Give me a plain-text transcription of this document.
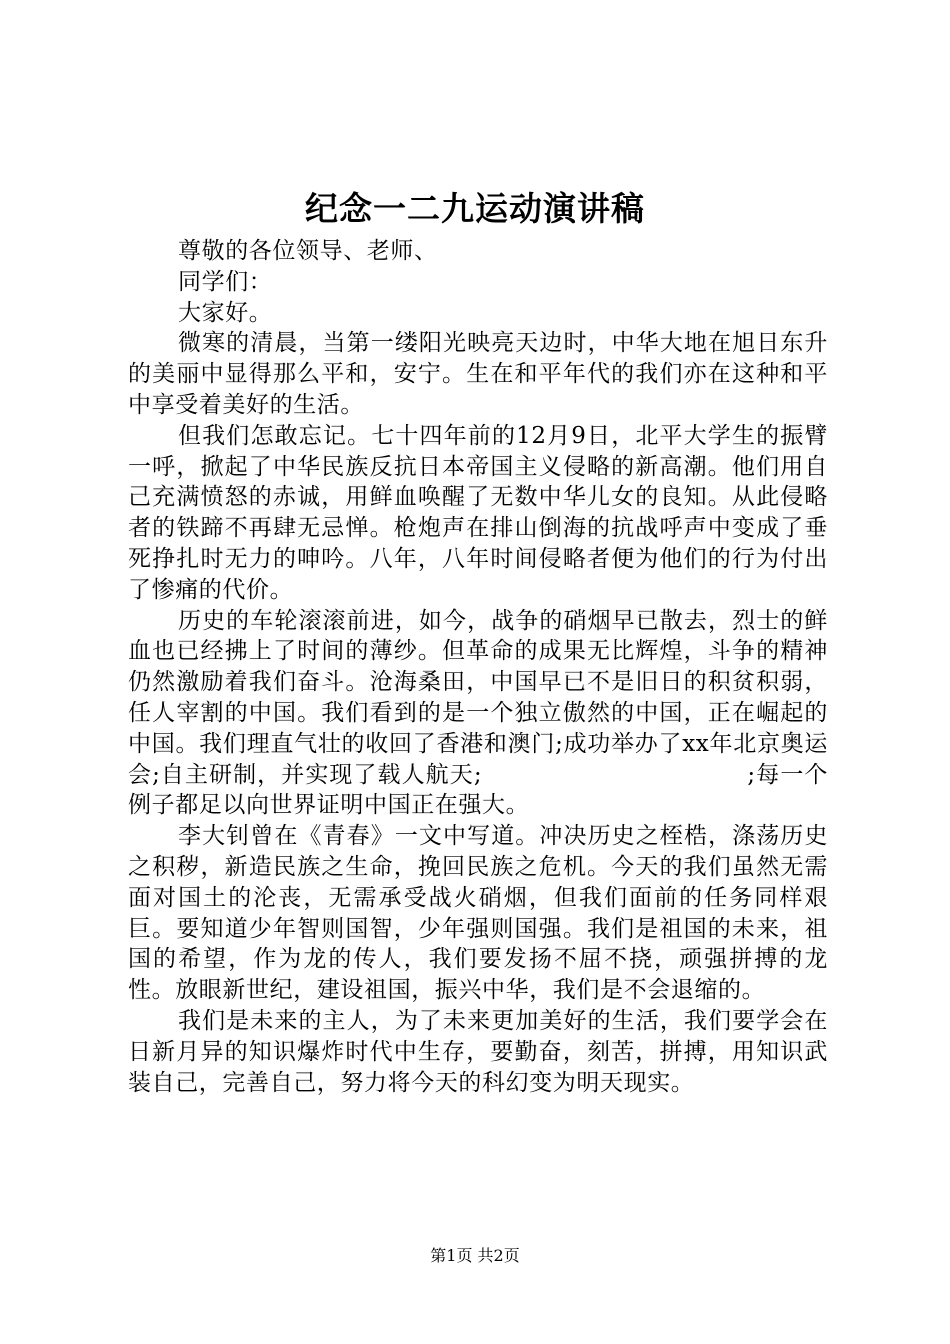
纪念一二九运动演讲稿

尊敬的各位领导、老师、

同学们：

大家好。

微寒的清晨，当第一缕阳光映亮天边时，中华大地在旭日东升的美丽中显得那么平和，安宁。生在和平年代的我们亦在这种和平中享受着美好的生活。

但我们怎敢忘记。七十四年前的12月9日，北平大学生的振臂一呼，掀起了中华民族反抗日本帝国主义侵略的新高潮。他们用自己充满愤怒的赤诚，用鲜血唤醒了无数中华儿女的良知。从此侵略者的铁蹄不再肆无忌惮。枪炮声在排山倒海的抗战呼声中变成了垂死挣扎时无力的呻吟。八年，八年时间侵略者便为他们的行为付出了惨痛的代价。

历史的车轮滚滚前进，如今，战争的硝烟早已散去，烈士的鲜血也已经拂上了时间的薄纱。但革命的成果无比辉煌，斗争的精神仍然激励着我们奋斗。沧海桑田，中国早已不是旧日的积贫积弱，任人宰割的中国。我们看到的是一个独立傲然的中国，正在崛起的中国。我们理直气壮的收回了香港和澳门;成功举办了xx年北京奥运会;自主研制，并实现了载人航天;　　　　　　　　　　　;每一个例子都足以向世界证明中国正在强大。

李大钊曾在《青春》一文中写道。冲决历史之桎梏，涤荡历史之积秽，新造民族之生命，挽回民族之危机。今天的我们虽然无需面对国土的沦丧，无需承受战火硝烟，但我们面前的任务同样艰巨。要知道少年智则国智，少年强则国强。我们是祖国的未来，祖国的希望，作为龙的传人，我们要发扬不屈不挠，顽强拼搏的龙性。放眼新世纪，建设祖国，振兴中华，我们是不会退缩的。

我们是未来的主人，为了未来更加美好的生活，我们要学会在日新月异的知识爆炸时代中生存，要勤奋，刻苦，拼搏，用知识武装自己，完善自己，努力将今天的科幻变为明天现实。

第1页 共2页
